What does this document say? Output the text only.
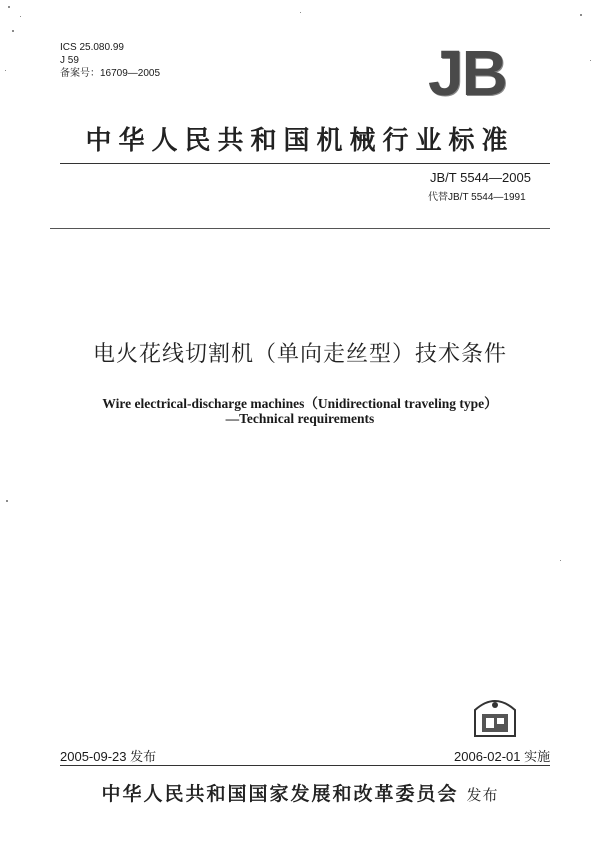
ICS 25.080.99
J 59
备案号：16709—2005	JB
中华人民共和国机械行业标准
JB/T 5544—2005
代替JB/T 5544—1991
电火花线切割机（单向走丝型）技术条件
Wire electrical-discharge machines（Unidirectional traveling type）
—Technical requirements
2005-09-23 发布	2006-02-01 实施
中华人民共和国国家发展和改革委员会 发布
